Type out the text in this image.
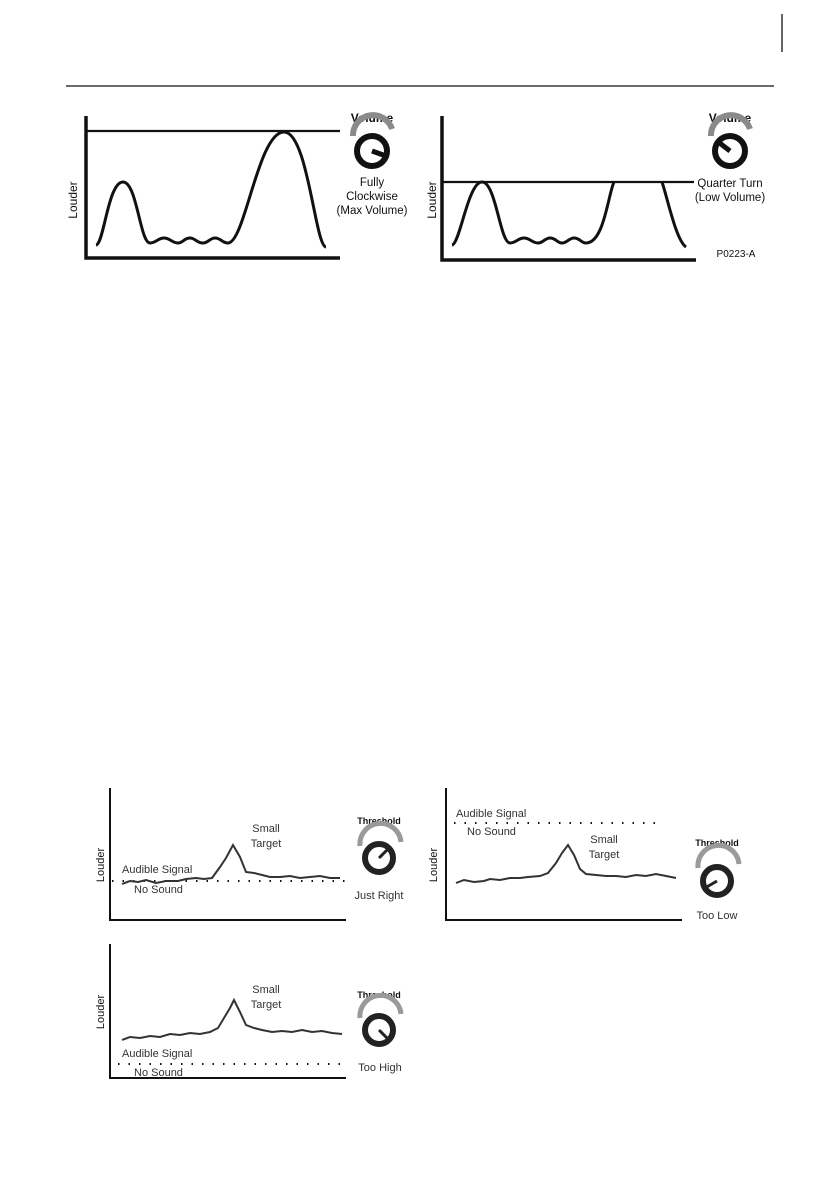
Louder
Volume
Fully
Clockwise
(Max Volume) Louder
Volume
Quarter Turn
(Low Volume)
P0223-A
Louder
Small
Target
Audible Signal
No Sound
Threshold
Just Right
Louder
Audible Signal
No Sound
Small
Target
Threshold
Too Low
Louder
Small
Target
Audible Signal
No Sound
Threshold
Too High
